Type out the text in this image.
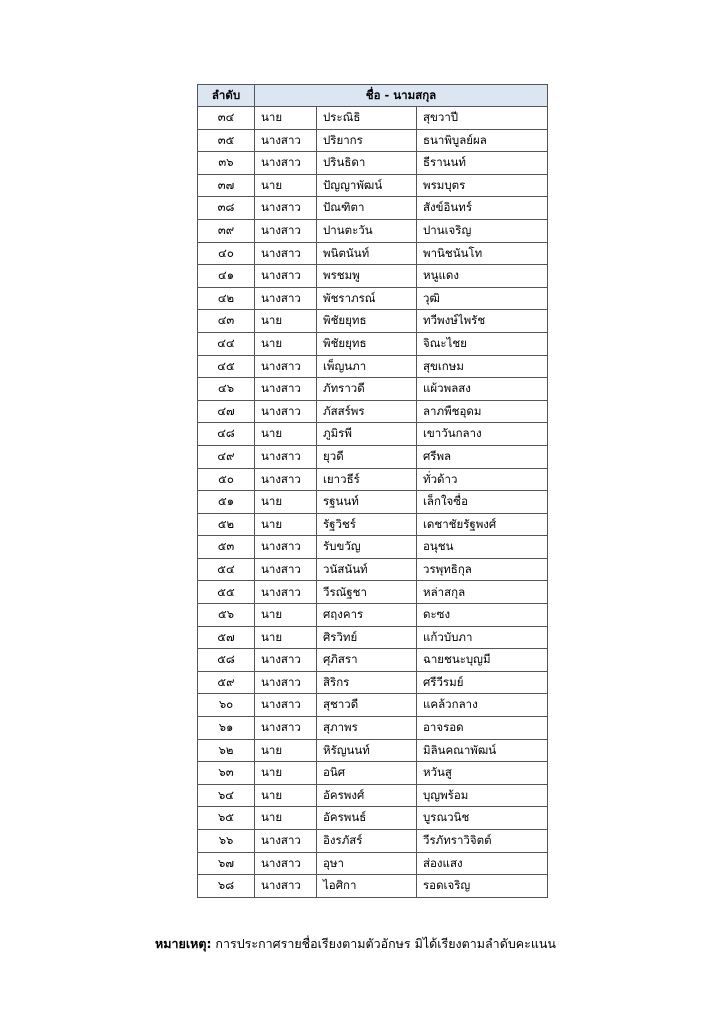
ลำดับ	ชื่อ - นามสกุล		
๓๔	นาย	ประณิธิ	สุขวาปี
๓๕	นางสาว	ปริยากร	ธนาพิบูลย์ผล
๓๖	นางสาว	ปรินธิดา	ธีรานนท์
๓๗	นาย	ปัญญาพัฒน์	พรมบุตร
๓๘	นางสาว	ปัณฑิตา	สังข์อินทร์
๓๙	นางสาว	ปานตะวัน	ปานเจริญ
๔๐	นางสาว	พนิตนันท์	พานิชนันโท
๔๑	นางสาว	พรชมพู	หนูแดง
๔๒	นางสาว	พัชราภรณ์	วุฒิ
๔๓	นาย	พิชัยยุทธ	ทวีพงษ์ไพรัช
๔๔	นาย	พิชัยยุทธ	จิณะไชย
๔๕	นางสาว	เพ็ญนภา	สุขเกษม
๔๖	นางสาว	ภัทราวดี	แผ้วพลสง
๔๗	นางสาว	ภัสสร์พร	ลาภพืชอุดม
๔๘	นาย	ภูมิรพี	เขาวันกลาง
๔๙	นางสาว	ยุวดี	ศรีพล
๕๐	นางสาว	เยาวธีร์	ทั่วด้าว
๕๑	นาย	รฐนนท์	เล็กใจซื่อ
๕๒	นาย	รัฐวิชร์	เดชาชัยรัฐพงศ์
๕๓	นางสาว	รับขวัญ	อนุชน
๕๔	นางสาว	วนัสนันท์	วรพุทธิกุล
๕๕	นางสาว	วีรณัฐชา	หล่าสกุล
๕๖	นาย	ศฤงคาร	ดะซง
๕๗	นาย	ศิรวิทย์	แก้วบับภา
๕๘	นางสาว	ศุภิสรา	ฉายชนะบุญมี
๕๙	นางสาว	สิริกร	ศรีวีรมย์
๖๐	นางสาว	สุชาวดี	แคล้วกลาง
๖๑	นางสาว	สุภาพร	อาจรอด
๖๒	นาย	หิรัญนนท์	มิลินคณาพัฒน์
๖๓	นาย	อนิศ	หวันสู
๖๔	นาย	อัครพงศ์	บุญพร้อม
๖๕	นาย	อัครพนธ์	บูรณวนิช
๖๖	นางสาว	อิงรภัสร์	วีรภัทราวิจิตต์
๖๗	นางสาว	อุษา	ส่องแสง
๖๘	นางสาว	ไอศิกา	รอดเจริญ
หมายเหตุ: การประกาศรายชื่อเรียงตามตัวอักษร มิได้เรียงตามลำดับคะแนน
